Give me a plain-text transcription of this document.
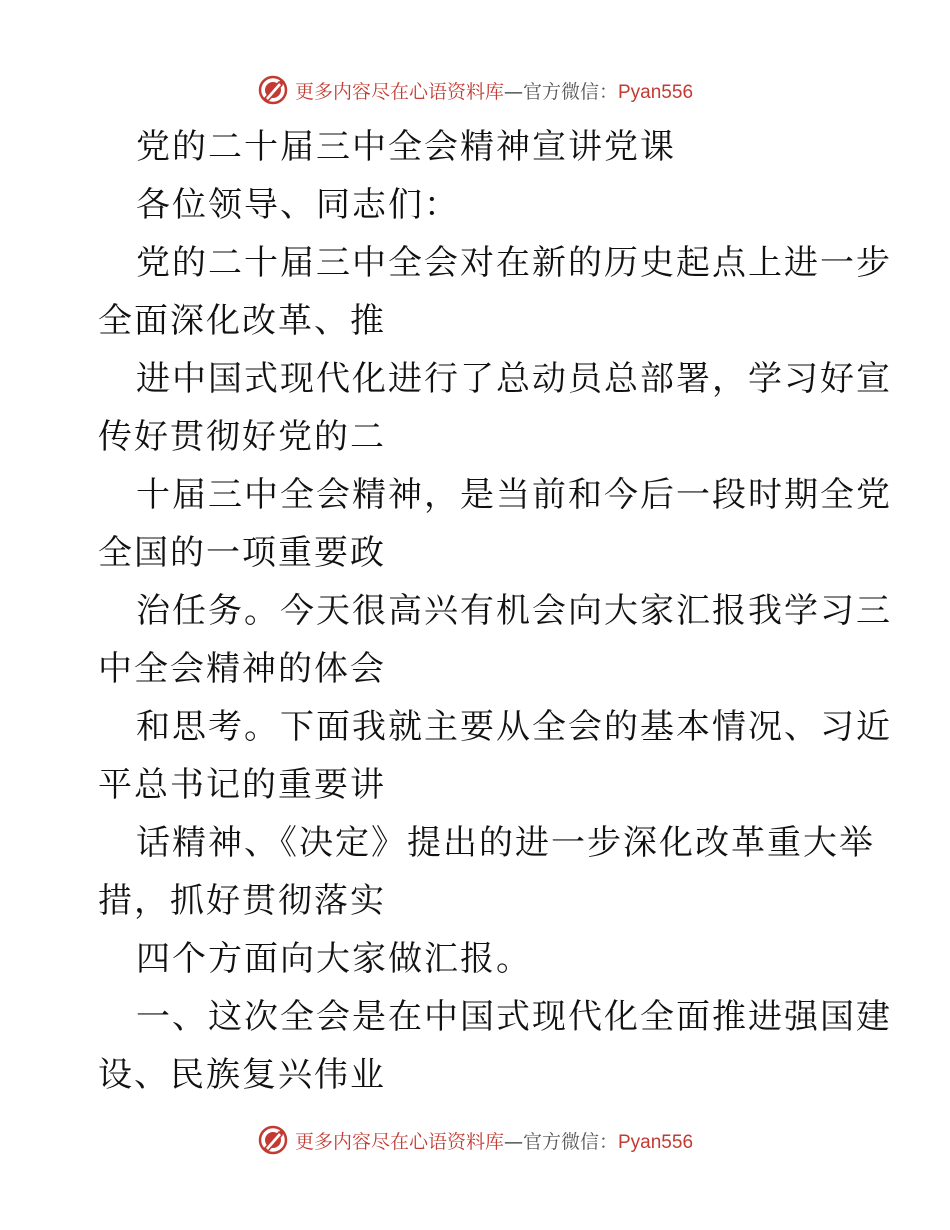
更多内容尽在心语资料库—官方微信：Pyan556
党的二十届三中全会精神宣讲党课
各位领导、同志们：
党的二十届三中全会对在新的历史起点上进一步
全面深化改革、推
进中国式现代化进行了总动员总部署，学习好宣
传好贯彻好党的二
十届三中全会精神，是当前和今后一段时期全党
全国的一项重要政
治任务。今天很高兴有机会向大家汇报我学习三
中全会精神的体会
和思考。下面我就主要从全会的基本情况、习近
平总书记的重要讲
话精神、《决定》提出的进一步深化改革重大举
措，抓好贯彻落实
四个方面向大家做汇报。
一、这次全会是在中国式现代化全面推进强国建
设、民族复兴伟业
更多内容尽在心语资料库—官方微信：Pyan556
